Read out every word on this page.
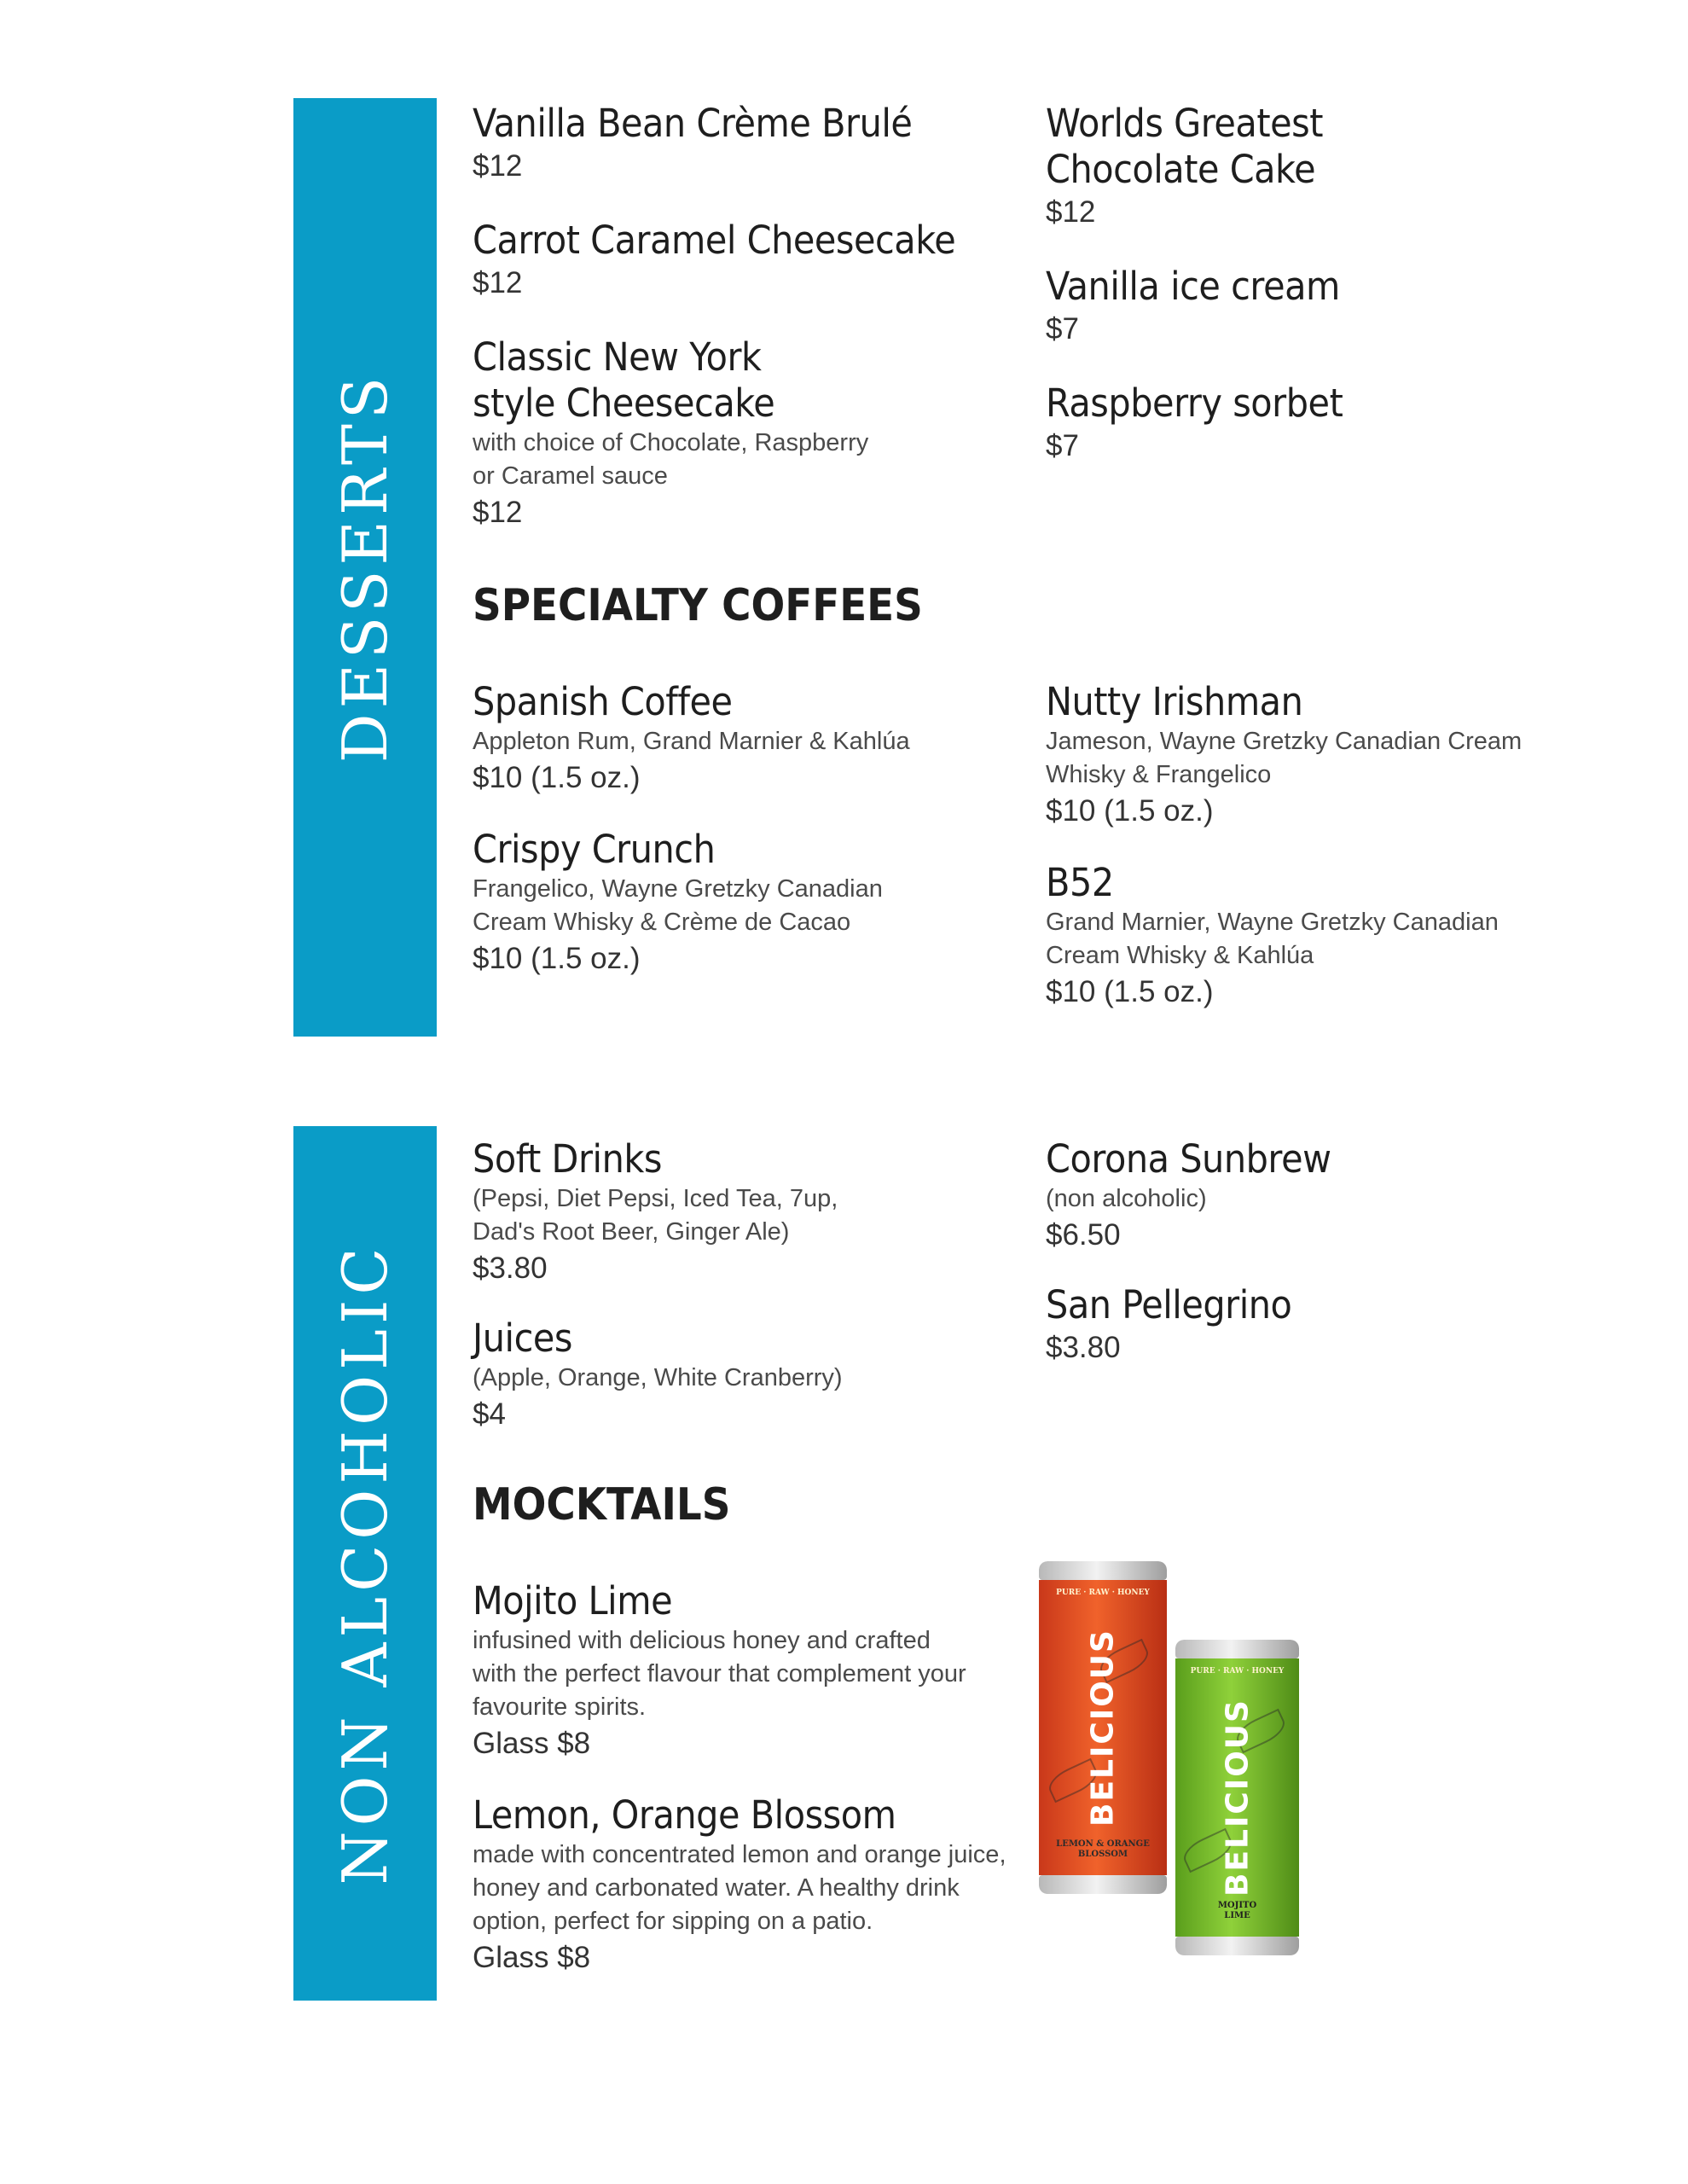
DESSERTS
NON ALCOHOLIC
Vanilla Bean Crème Brulé
$12
Carrot Caramel Cheesecake
$12
Classic New York
style Cheesecake
with choice of Chocolate, Raspberry
or Caramel sauce
$12
Worlds Greatest
Chocolate Cake
$12
Vanilla ice cream
$7
Raspberry sorbet
$7
SPECIALTY COFFEES
Spanish Coffee
Appleton Rum, Grand Marnier & Kahlúa
$10 (1.5 oz.)
Crispy Crunch
Frangelico, Wayne Gretzky Canadian
Cream Whisky & Crème de Cacao
$10 (1.5 oz.)
Nutty Irishman
Jameson, Wayne Gretzky Canadian Cream
Whisky & Frangelico
$10 (1.5 oz.)
B52
Grand Marnier, Wayne Gretzky Canadian
Cream Whisky & Kahlúa
$10 (1.5 oz.)
Soft Drinks
(Pepsi, Diet Pepsi, Iced Tea, 7up,
Dad's Root Beer, Ginger Ale)
$3.80
Juices
(Apple, Orange, White Cranberry)
$4
Corona Sunbrew
(non alcoholic)
$6.50
San Pellegrino
$3.80
MOCKTAILS
Mojito Lime
infusined with delicious honey and crafted
with the perfect flavour that complement your
favourite spirits.
Glass $8
Lemon, Orange Blossom
made with concentrated lemon and orange juice,
honey and carbonated water. A healthy drink
option, perfect for sipping on a patio.
Glass $8
PURE · RAW · HONEY
BELICIOUS
LEMON & ORANGE
BLOSSOM
PURE · RAW · HONEY
BELICIOUS
MOJITO
LIME
